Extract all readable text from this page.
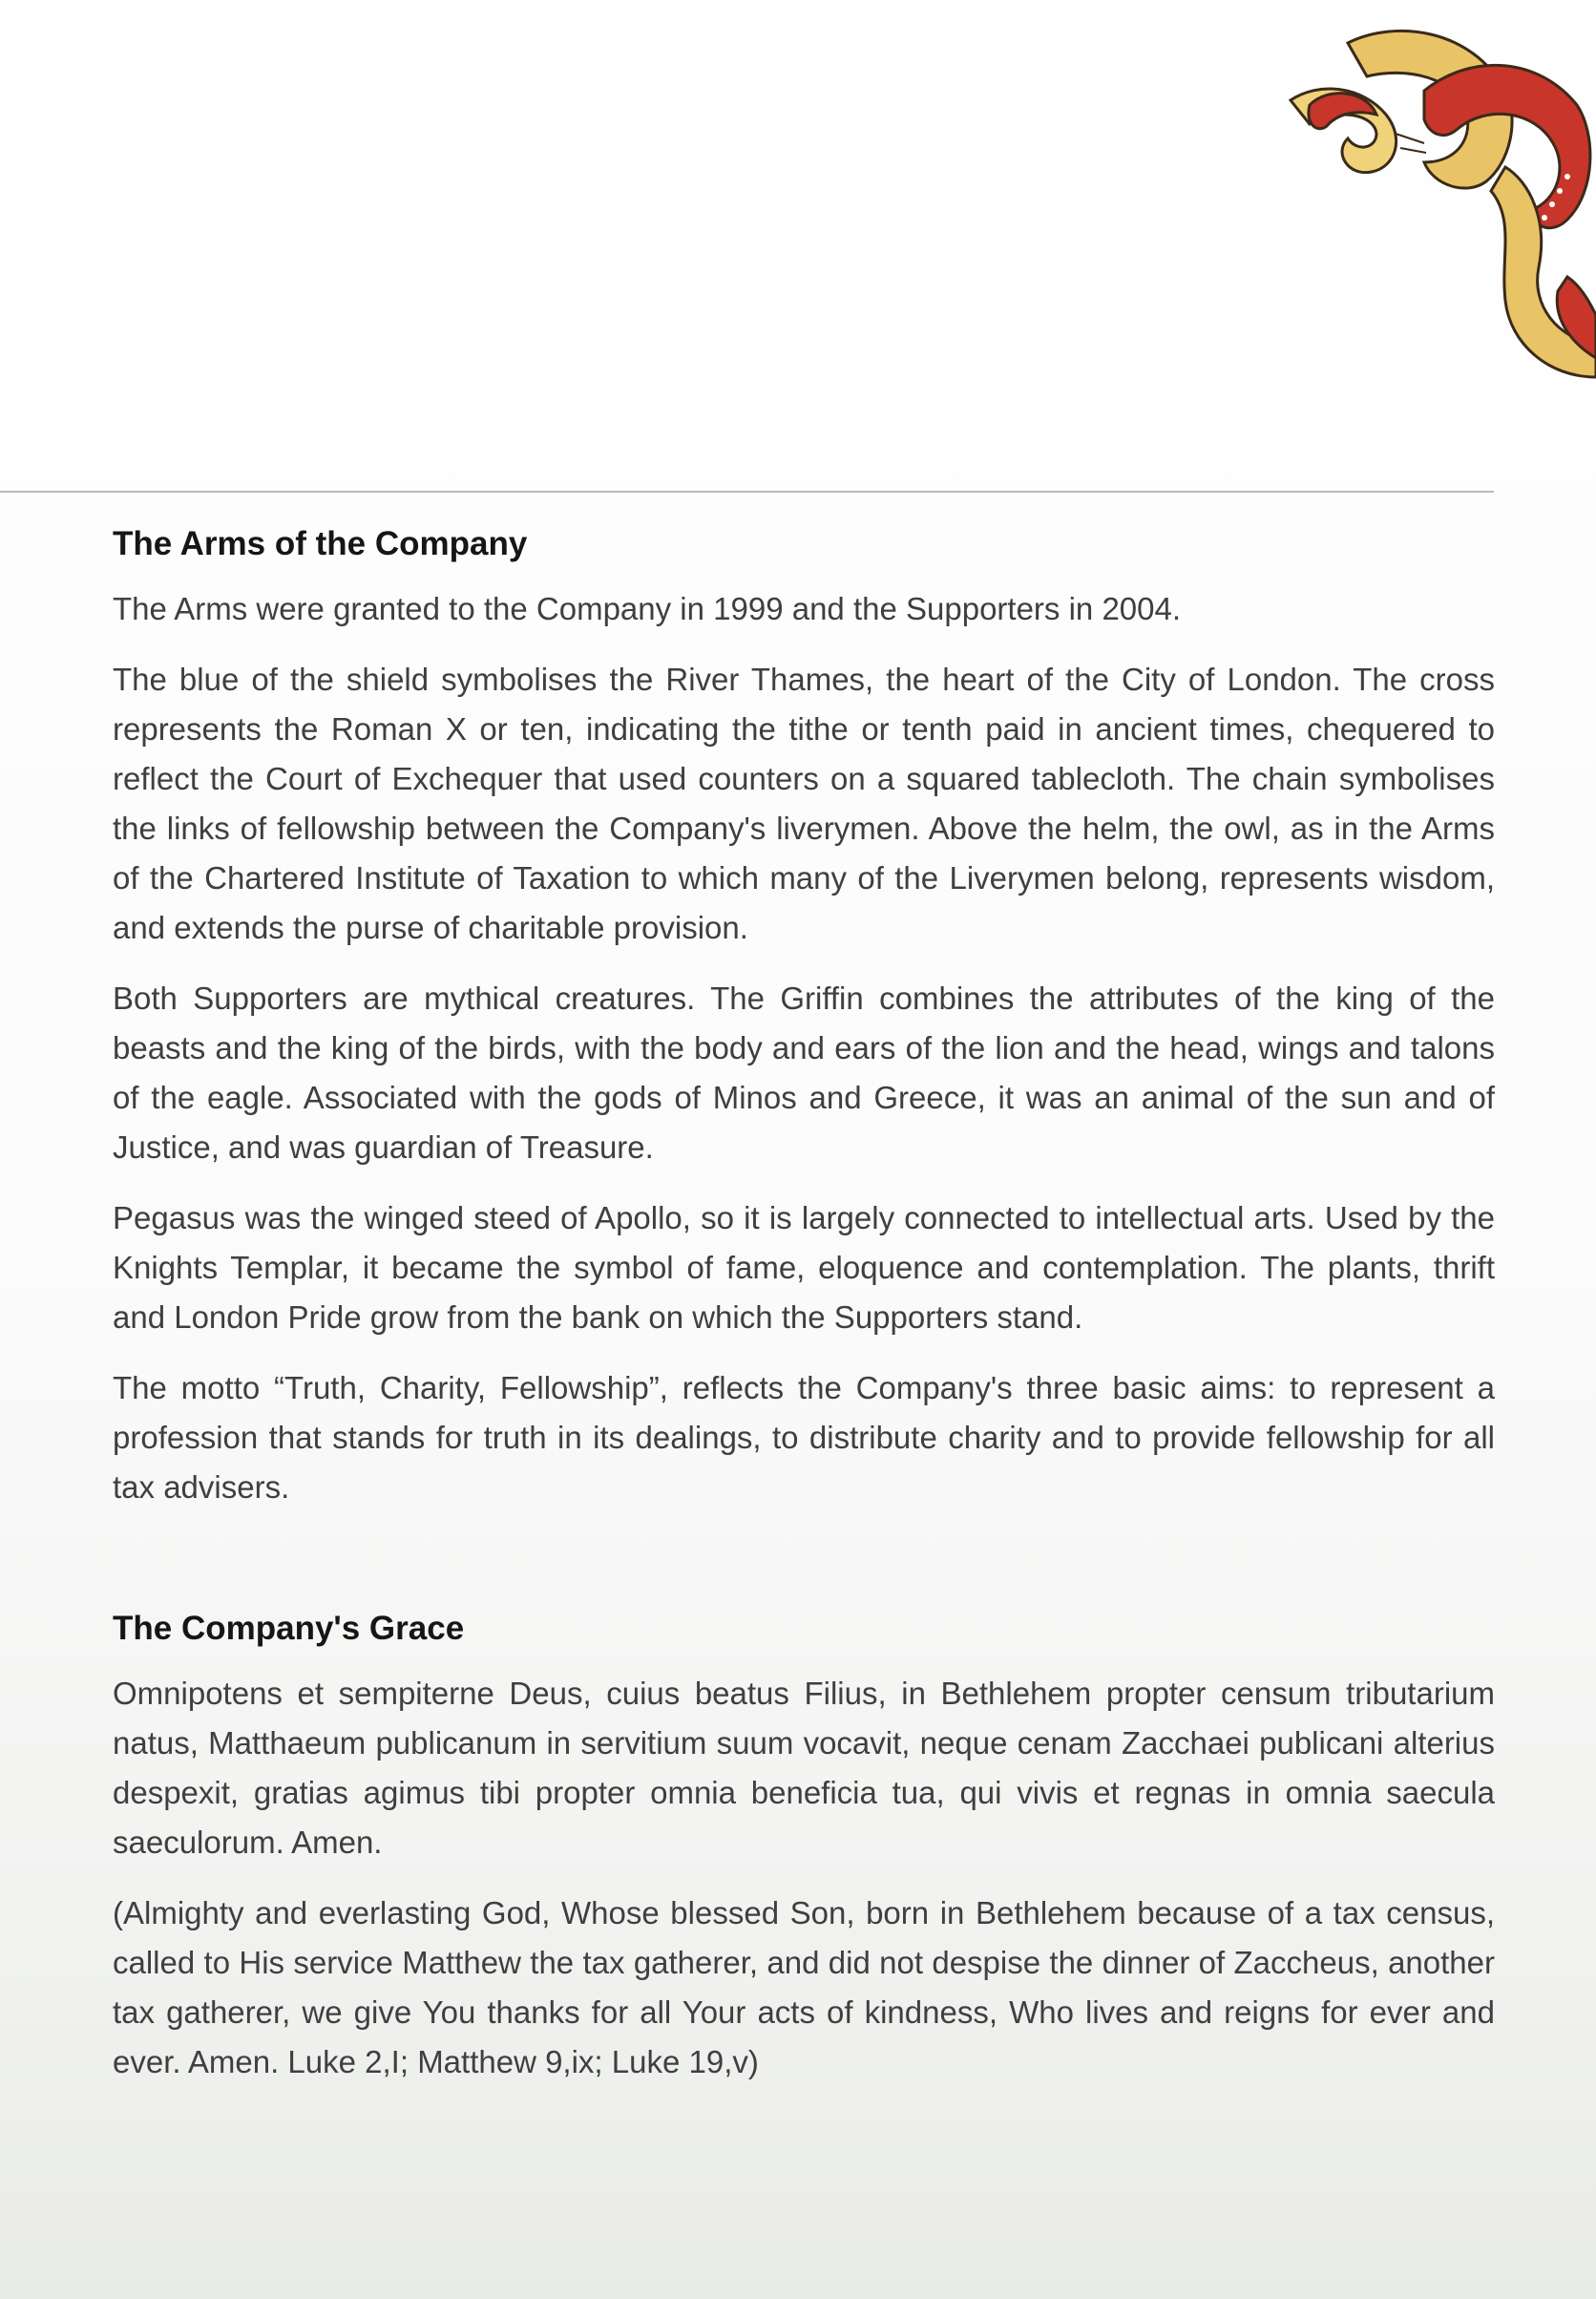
The Arms of the Company

The Arms were granted to the Company in 1999 and the Supporters in 2004.

The blue of the shield symbolises the River Thames, the heart of the City of London. The cross represents the Roman X or ten, indicating the tithe or tenth paid in ancient times, chequered to reflect the Court of Exchequer that used counters on a squared tablecloth. The chain symbolises the links of fellowship between the Company's liverymen. Above the helm, the owl, as in the Arms of the Chartered Institute of Taxation to which many of the Liverymen belong, represents wisdom, and extends the purse of charitable provision.

Both Supporters are mythical creatures. The Griffin combines the attributes of the king of the beasts and the king of the birds, with the body and ears of the lion and the head, wings and talons of the eagle. Associated with the gods of Minos and Greece, it was an animal of the sun and of Justice, and was guardian of Treasure.

Pegasus was the winged steed of Apollo, so it is largely connected to intellectual arts. Used by the Knights Templar, it became the symbol of fame, eloquence and contemplation. The plants, thrift and London Pride grow from the bank on which the Supporters stand.

The motto “Truth, Charity, Fellowship”, reflects the Company's three basic aims: to represent a profession that stands for truth in its dealings, to distribute charity and to provide fellowship for all tax advisers.

The Company's Grace

Omnipotens et sempiterne Deus, cuius beatus Filius, in Bethlehem propter censum tributarium natus, Matthaeum publicanum in servitium suum vocavit, neque cenam Zacchaei publicani alterius despexit, gratias agimus tibi propter omnia beneficia tua, qui vivis et regnas in omnia saecula saeculorum. Amen.

(Almighty and everlasting God, Whose blessed Son, born in Bethlehem because of a tax census, called to His service Matthew the tax gatherer, and did not despise the dinner of Zaccheus, another tax gatherer, we give You thanks for all Your acts of kindness, Who lives and reigns for ever and ever. Amen. Luke 2,I; Matthew 9,ix; Luke 19,v)
